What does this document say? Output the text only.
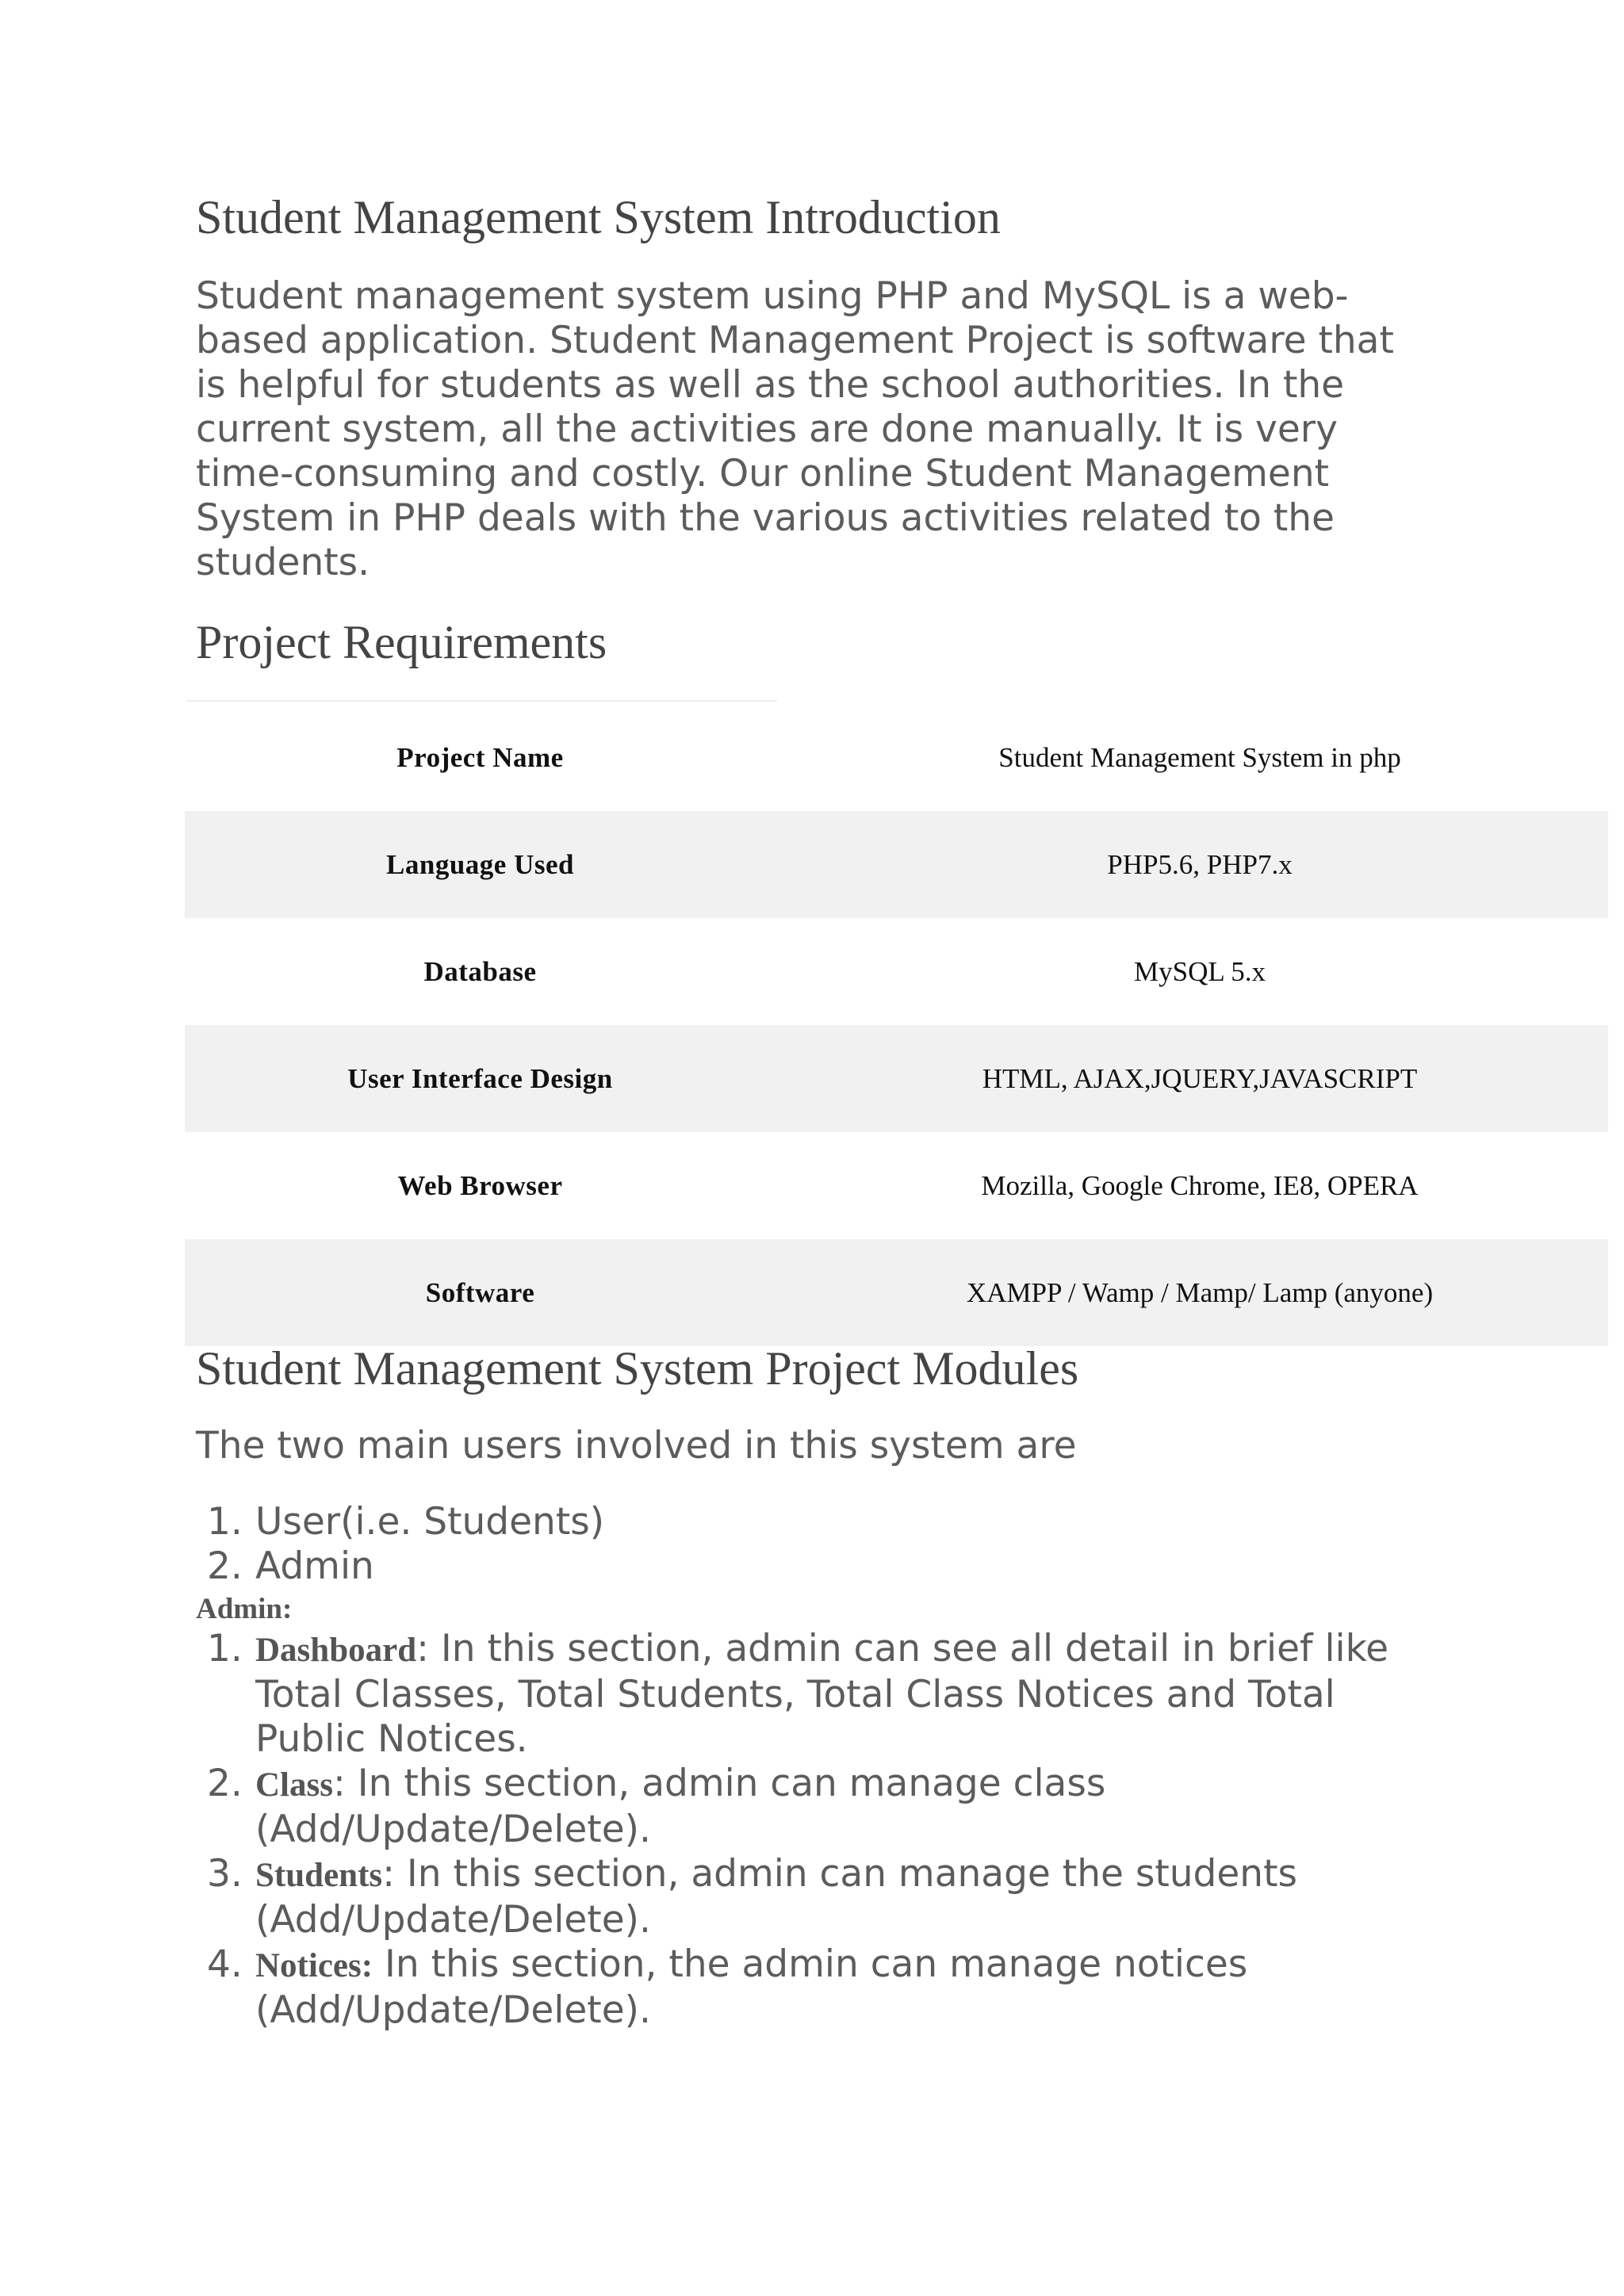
Student Management System Introduction

Student management system using PHP and MySQL is a web-based application. Student Management Project is software that is helpful for students as well as the school authorities. In the current system, all the activities are done manually. It is very time-consuming and costly. Our online Student Management System in PHP deals with the various activities related to the students.

Project Requirements
Project Name	Student Management System in php
Language Used	PHP5.6, PHP7.x
Database	MySQL 5.x
User Interface Design	HTML, AJAX,JQUERY,JAVASCRIPT
Web Browser	Mozilla, Google Chrome, IE8, OPERA
Software	XAMPP / Wamp / Mamp/ Lamp (anyone)
Student Management System Project Modules

The two main users involved in this system are

1. User(i.e. Students)
2. Admin
Admin:
1. Dashboard: In this section, admin can see all detail in brief like Total Classes, Total Students, Total Class Notices and Total Public Notices.
2. Class: In this section, admin can manage class (Add/Update/Delete).
3. Students: In this section, admin can manage the students (Add/Update/Delete).
4. Notices: In this section, the admin can manage notices (Add/Update/Delete).
